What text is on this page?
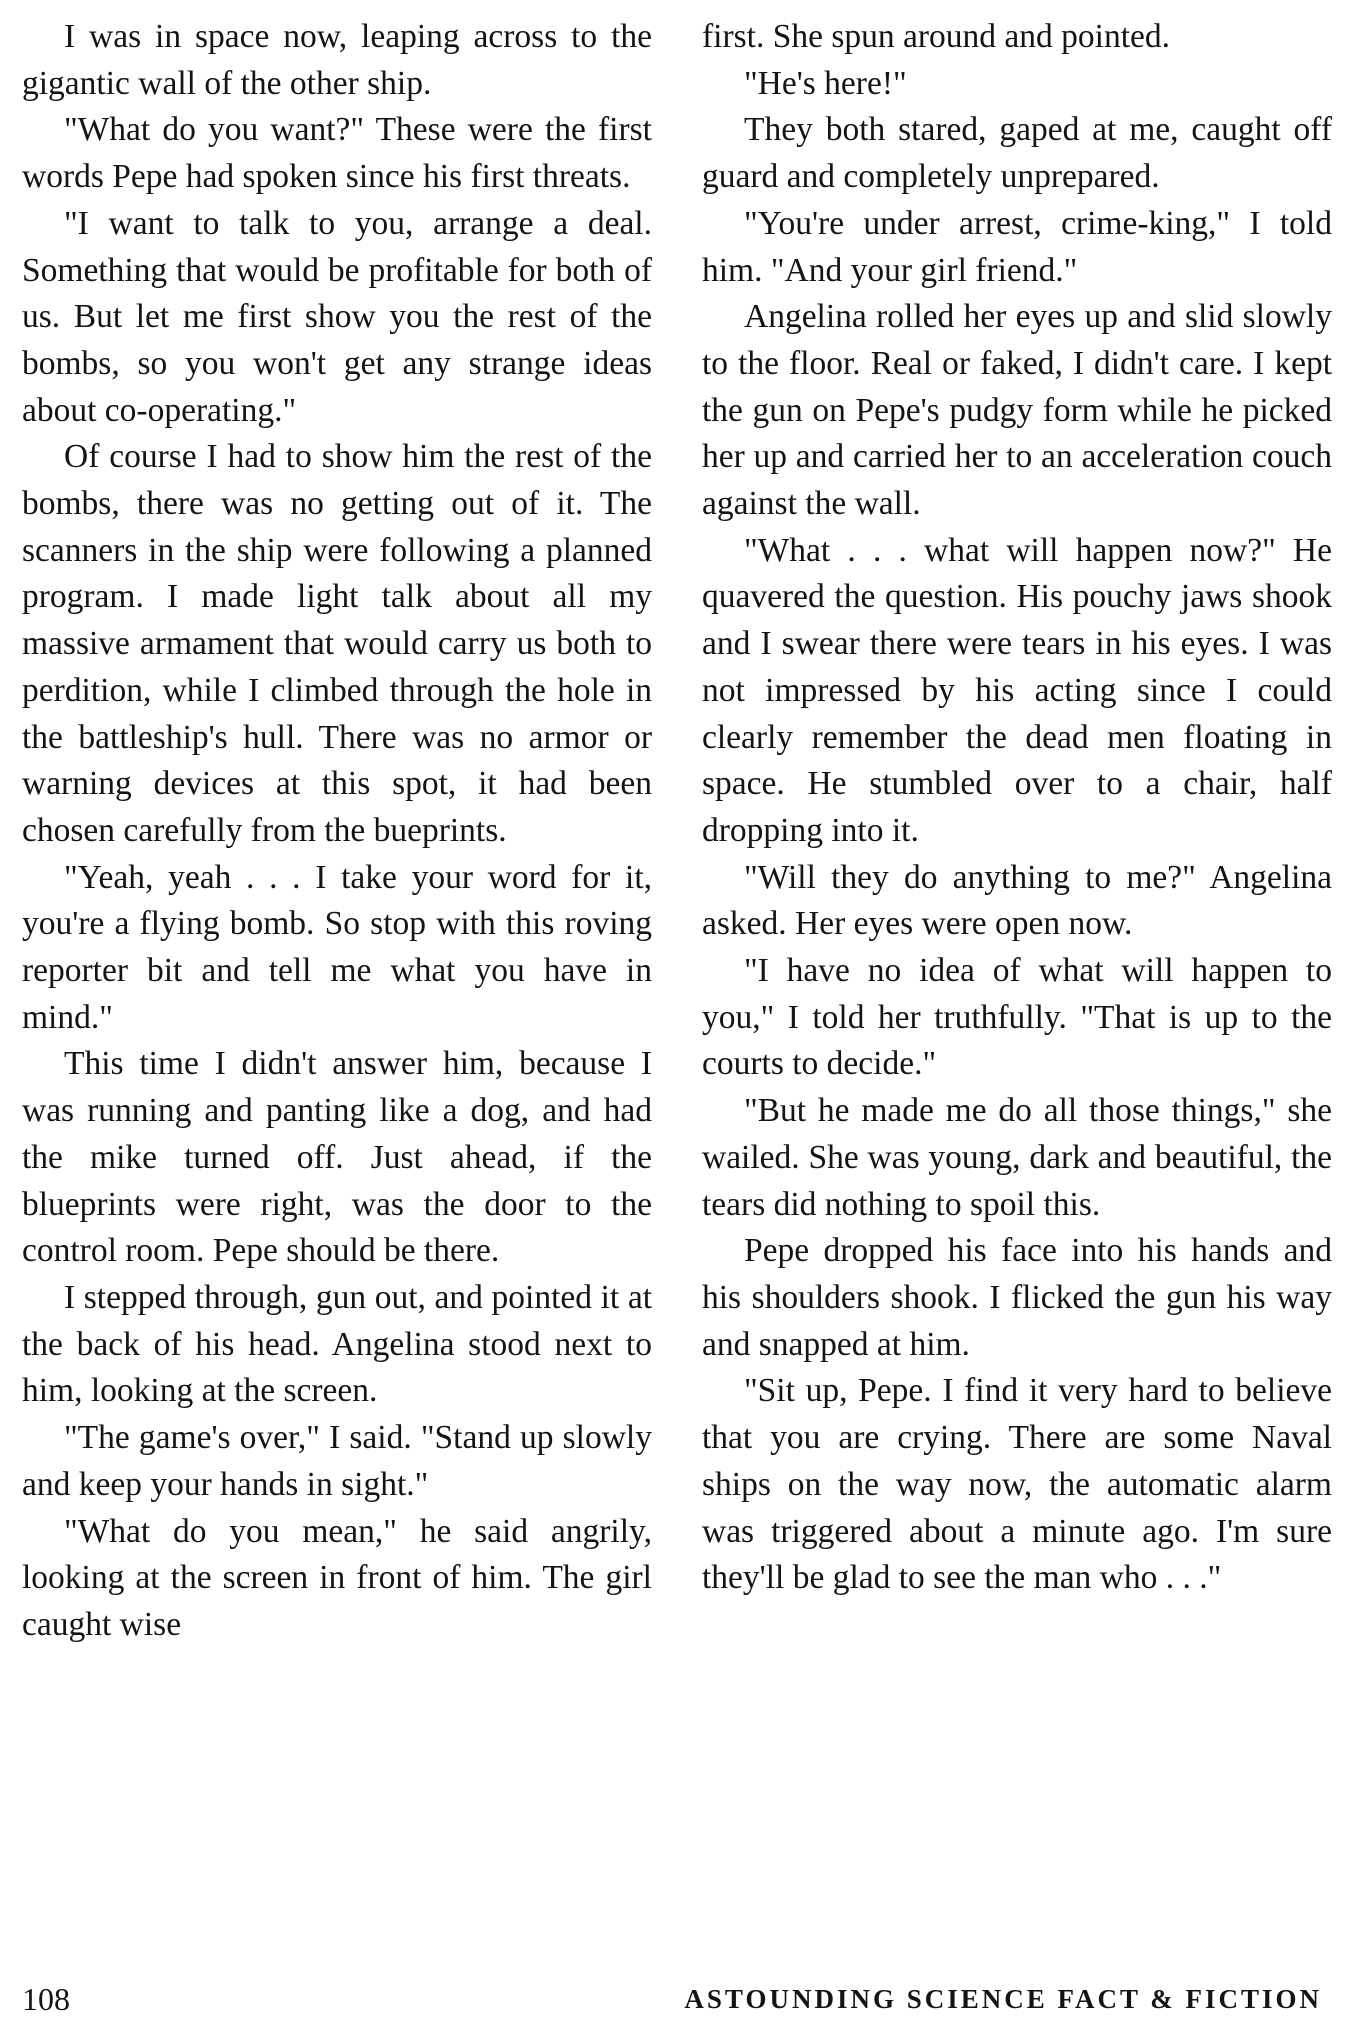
I was in space now, leaping across to the gigantic wall of the other ship.

"What do you want?" These were the first words Pepe had spoken since his first threats.

"I want to talk to you, arrange a deal. Something that would be profitable for both of us. But let me first show you the rest of the bombs, so you won't get any strange ideas about co-operating."

Of course I had to show him the rest of the bombs, there was no getting out of it. The scanners in the ship were following a planned program. I made light talk about all my massive armament that would carry us both to perdition, while I climbed through the hole in the battleship's hull. There was no armor or warning devices at this spot, it had been chosen carefully from the bueprints.

"Yeah, yeah . . . I take your word for it, you're a flying bomb. So stop with this roving reporter bit and tell me what you have in mind."

This time I didn't answer him, because I was running and panting like a dog, and had the mike turned off. Just ahead, if the blueprints were right, was the door to the control room. Pepe should be there.

I stepped through, gun out, and pointed it at the back of his head. Angelina stood next to him, looking at the screen.

"The game's over," I said. "Stand up slowly and keep your hands in sight."

"What do you mean," he said angrily, looking at the screen in front of him. The girl caught wise

first. She spun around and pointed.

"He's here!"

They both stared, gaped at me, caught off guard and completely unprepared.

"You're under arrest, crime-king," I told him. "And your girl friend."

Angelina rolled her eyes up and slid slowly to the floor. Real or faked, I didn't care. I kept the gun on Pepe's pudgy form while he picked her up and carried her to an acceleration couch against the wall.

"What . . . what will happen now?" He quavered the question. His pouchy jaws shook and I swear there were tears in his eyes. I was not impressed by his acting since I could clearly remember the dead men floating in space. He stumbled over to a chair, half dropping into it.

"Will they do anything to me?" Angelina asked. Her eyes were open now.

"I have no idea of what will happen to you," I told her truthfully. "That is up to the courts to decide."

"But he made me do all those things," she wailed. She was young, dark and beautiful, the tears did nothing to spoil this.

Pepe dropped his face into his hands and his shoulders shook. I flicked the gun his way and snapped at him.

"Sit up, Pepe. I find it very hard to believe that you are crying. There are some Naval ships on the way now, the automatic alarm was triggered about a minute ago. I'm sure they'll be glad to see the man who . . ."

108	ASTOUNDING SCIENCE FACT & FICTION
